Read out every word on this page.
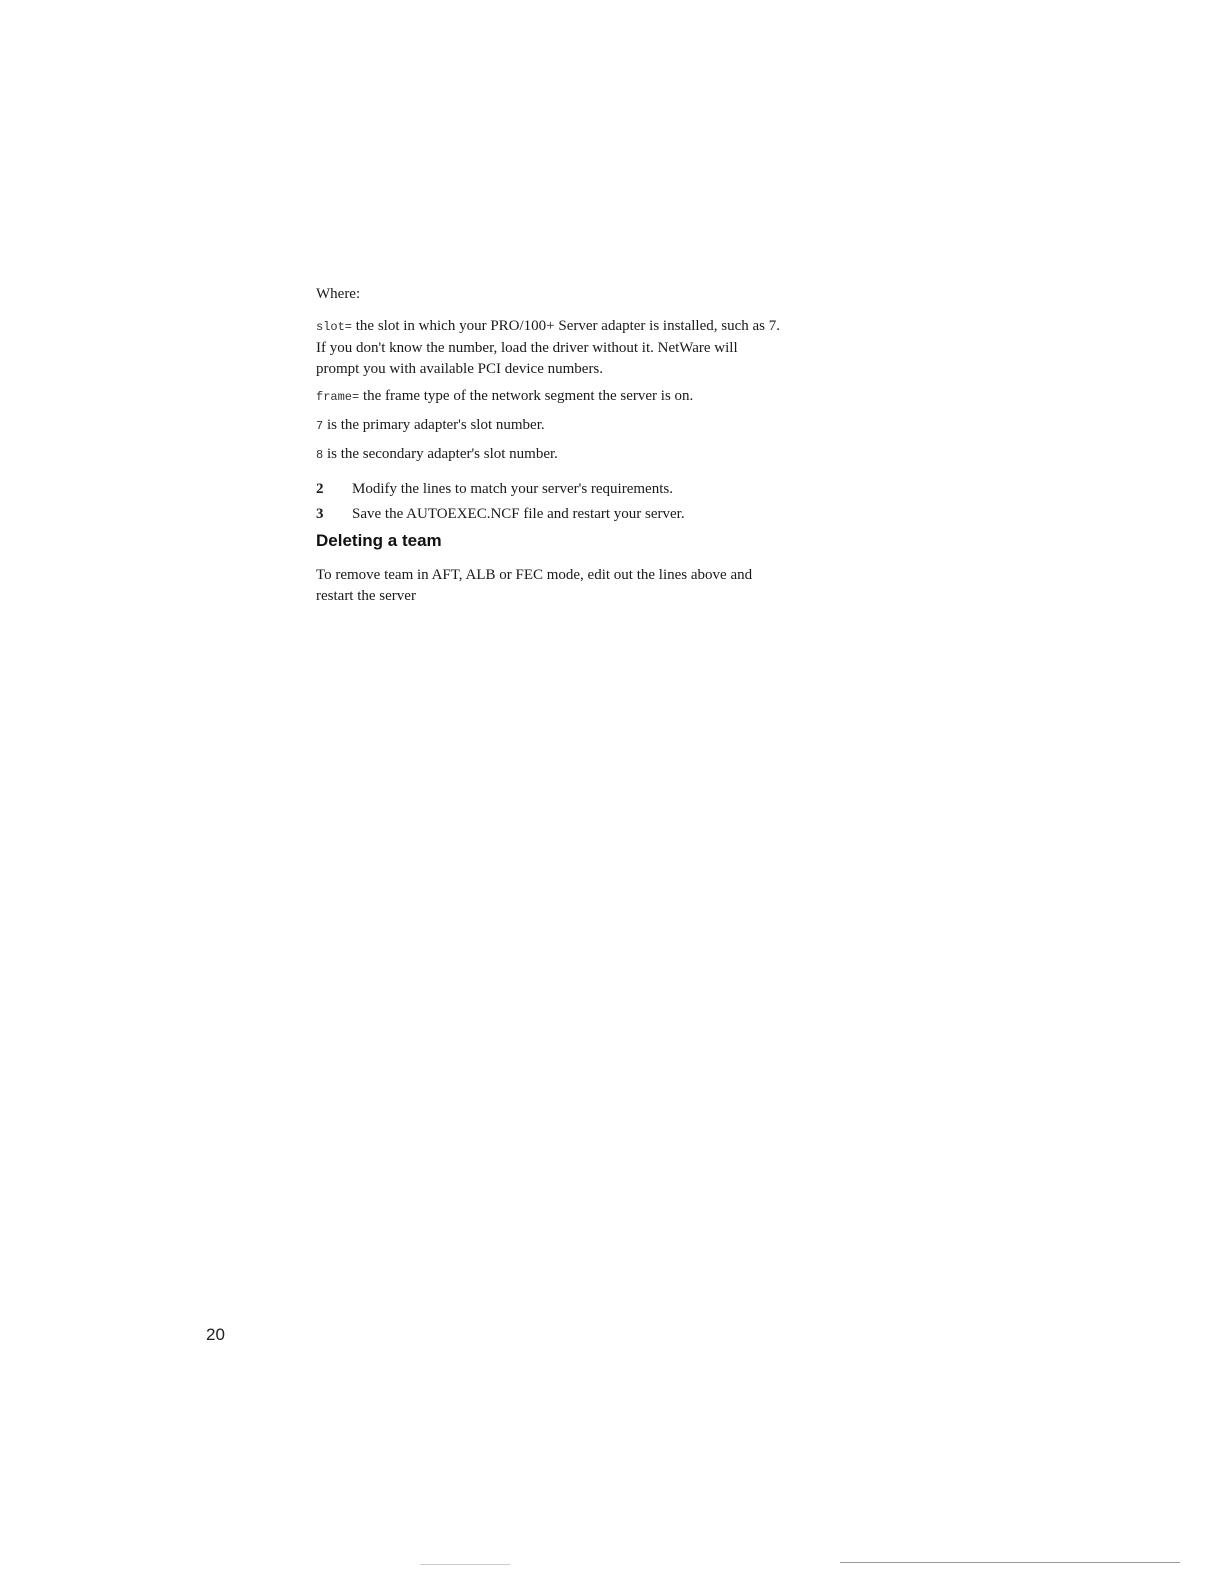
Where:

slot= the slot in which your PRO/100+ Server adapter is installed, such as 7.
If you don't know the number, load the driver without it. NetWare will
prompt you with available PCI device numbers.
frame= the frame type of the network segment the server is on.
7 is the primary adapter's slot number.
8 is the secondary adapter's slot number.
2	Modify the lines to match your server's requirements.
3	Save the AUTOEXEC.NCF file and restart your server.
Deleting a team
To remove team in AFT, ALB or FEC mode, edit out the lines above and
restart the server
20
